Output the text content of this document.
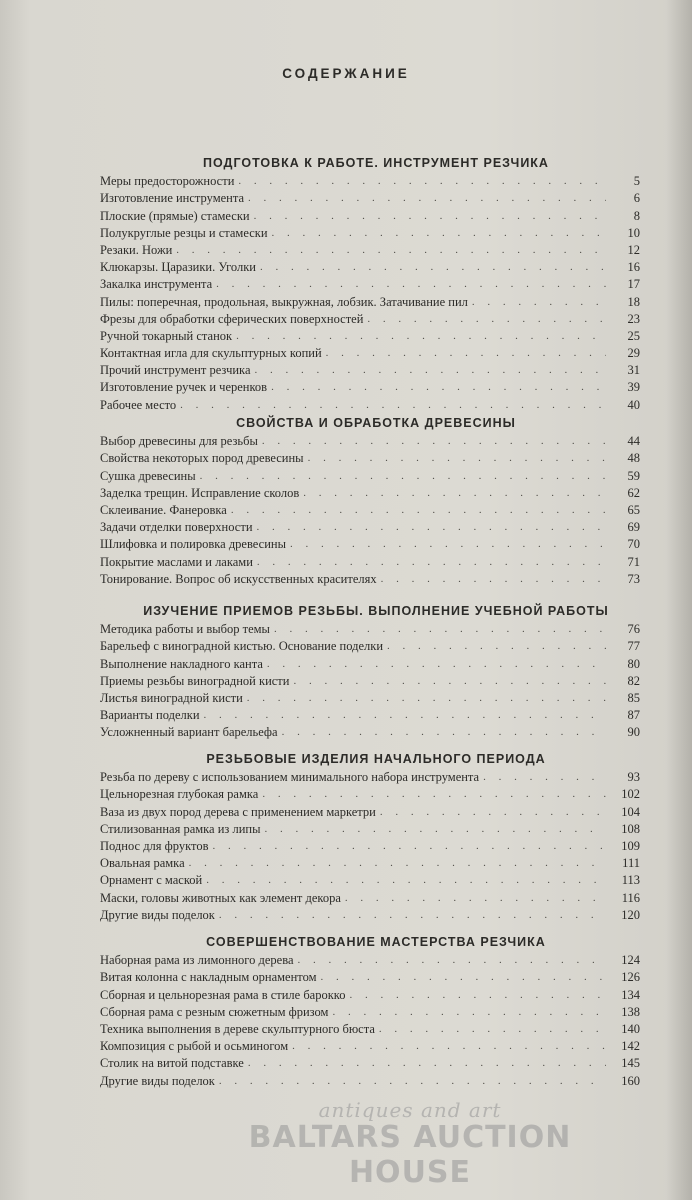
СОДЕРЖАНИЕ
ПОДГОТОВКА К РАБОТЕ. ИНСТРУМЕНТ РЕЗЧИКА
Меры предосторожности . . .	5
Изготовление инструмента . . .	6
Плоские (прямые) стамески . . .	8
Полукруглые резцы и стамески . . .	10
Резаки. Ножи . . .	12
Клюкарзы. Царазики. Уголки . . .	16
Закалка инструмента . . .	17
Пилы: поперечная, продольная, выкружная, лобзик. Затачивание пил . . .	18
Фрезы для обработки сферических поверхностей . . .	23
Ручной токарный станок . . .	25
Контактная игла для скульптурных копий . . .	29
Прочий инструмент резчика . . .	31
Изготовление ручек и черенков . . .	39
Рабочее место . . .	40
СВОЙСТВА И ОБРАБОТКА ДРЕВЕСИНЫ
Выбор древесины для резьбы . . .	44
Свойства некоторых пород древесины . . .	48
Сушка древесины . . .	59
Заделка трещин. Исправление сколов . . .	62
Склеивание. Фанеровка . . .	65
Задачи отделки поверхности . . .	69
Шлифовка и полировка древесины . . .	70
Покрытие маслами и лаками . . .	71
Тонирование. Вопрос об искусственных красителях . . .	73
ИЗУЧЕНИЕ ПРИЕМОВ РЕЗЬБЫ. ВЫПОЛНЕНИЕ УЧЕБНОЙ РАБОТЫ
Методика работы и выбор темы . . .	76
Барельеф с виноградной кистью. Основание поделки . . .	77
Выполнение накладного канта . . .	80
Приемы резьбы виноградной кисти . . .	82
Листья виноградной кисти . . .	85
Варианты поделки . . .	87
Усложненный вариант барельефа . . .	90
РЕЗЬБОВЫЕ ИЗДЕЛИЯ НАЧАЛЬНОГО ПЕРИОДА
Резьба по дереву с использованием минимального набора инструмента . . .	93
Цельнорезная глубокая рамка . . .	102
Ваза из двух пород дерева с применением маркетри . . .	104
Стилизованная рамка из липы . . .	108
Поднос для фруктов . . .	109
Овальная рамка . . .	111
Орнамент с маской . . .	113
Маски, головы животных как элемент декора . . .	116
Другие виды поделок . . .	120
СОВЕРШЕНСТВОВАНИЕ МАСТЕРСТВА РЕЗЧИКА
Наборная рама из лимонного дерева . . .	124
Витая колонна с накладным орнаментом . . .	126
Сборная и цельнорезная рама в стиле барокко . . .	134
Сборная рама с резным сюжетным фризом . . .	138
Техника выполнения в дереве скульптурного бюста . . .	140
Композиция с рыбой и осьминогом . . .	142
Столик на витой подставке . . .	145
Другие виды поделок . . .	160
antiques and art
BALTARS AUCTION HOUSE
